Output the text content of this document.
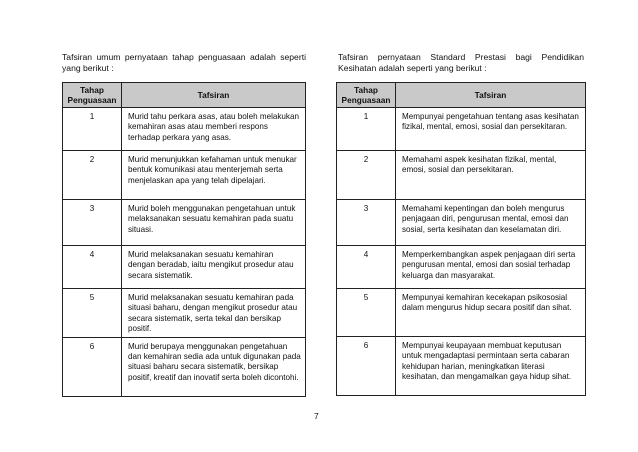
Tafsiran umum pernyataan tahap penguasaan adalah seperti yang berikut :
Tafsiran pernyataan Standard Prestasi bagi Pendidikan Kesihatan adalah seperti yang berikut :
Tahap Penguasaan	Tafsiran
1	Murid tahu perkara asas, atau boleh melakukan kemahiran asas atau memberi respons terhadap perkara yang asas.
2	Murid menunjukkan kefahaman untuk menukar bentuk komunikasi atau menterjemah serta menjelaskan apa yang telah dipelajari.
3	Murid boleh menggunakan pengetahuan untuk melaksanakan sesuatu kemahiran pada suatu situasi.
4	Murid melaksanakan sesuatu kemahiran dengan beradab, iaitu mengikut prosedur atau secara sistematik.
5	Murid melaksanakan sesuatu kemahiran pada situasi baharu, dengan mengikut prosedur atau secara sistematik, serta tekal dan bersikap positif.
6	Murid berupaya menggunakan pengetahuan dan kemahiran sedia ada untuk digunakan pada situasi baharu secara sistematik, bersikap positif, kreatif dan inovatif serta boleh dicontohi.
Tahap Penguasaan	Tafsiran
1	Mempunyai pengetahuan tentang asas kesihatan fizikal, mental, emosi, sosial dan persekitaran.
2	Memahami aspek kesihatan fizikal, mental, emosi, sosial dan persekitaran.
3	Memahami kepentingan dan boleh mengurus penjagaan diri, pengurusan mental, emosi dan sosial, serta kesihatan dan keselamatan diri.
4	Memperkembangkan aspek penjagaan diri serta pengurusan mental, emosi dan sosial terhadap keluarga dan masyarakat.
5	Mempunyai kemahiran kecekapan psikososial dalam mengurus hidup secara positif dan sihat.
6	Mempunyai keupayaan membuat keputusan untuk mengadaptasi permintaan serta cabaran kehidupan harian, meningkatkan literasi kesihatan, dan mengamalkan gaya hidup sihat.
7
